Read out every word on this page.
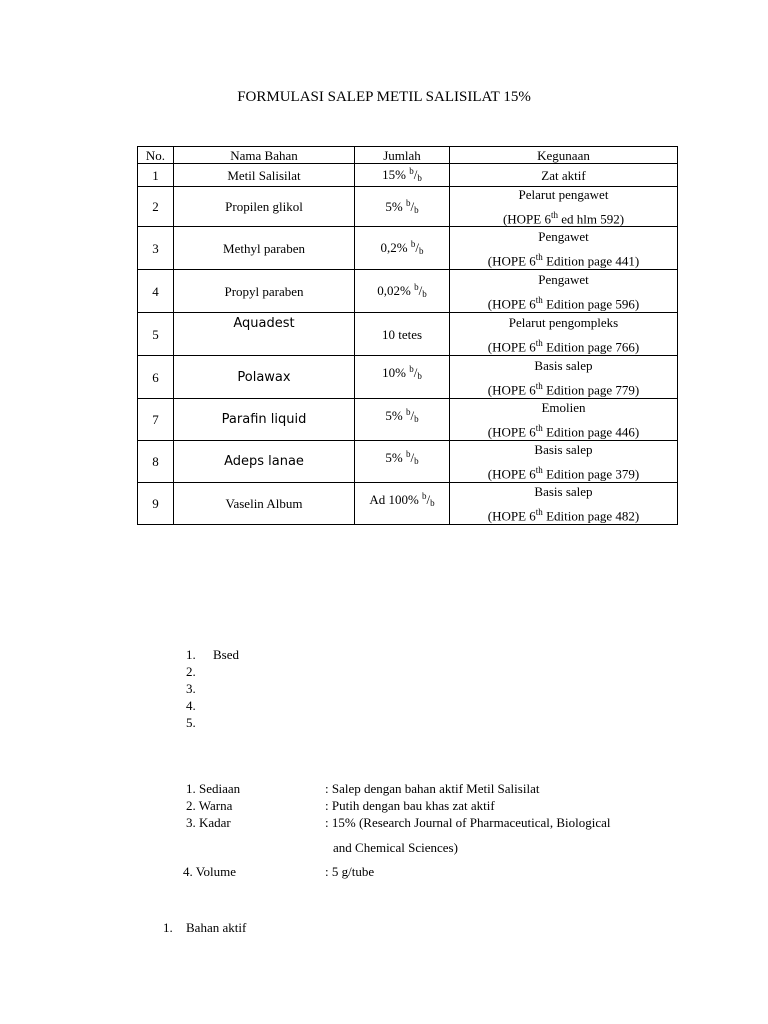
FORMULASI SALEP METIL SALISILAT 15%
No.	Nama Bahan	Jumlah	Kegunaan
1	Metil Salisilat	15% $^b/_b$	Zat aktif

2	Propilen glikol	5% $^b/_b$	Pelarut pengawet
(HOPE 6th ed hlm 592)

3	Methyl paraben	0,2% $^b/_b$	Pengawet
(HOPE 6th Edition page 441)

4	Propyl paraben	0,02% $^b/_b$	Pengawet
(HOPE 6th Edition page 596)

5	Aquadest	10 tetes	Pelarut pengompleks
(HOPE 6th Edition page 766)

6	Polawax	10% $^b/_b$	Basis salep
(HOPE 6th Edition page 779)

7	Parafin liquid	5% $^b/_b$	Emolien
(HOPE 6th Edition page 446)

8	Adeps lanae	5% $^b/_b$	Basis salep
(HOPE 6th Edition page 379)

9	Vaselin Album	Ad 100% $^b/_b$	Basis salep
(HOPE 6th Edition page 482)
1. Bsed
2.
3.
4.
5.
1. Sediaan	: Salep dengan bahan aktif Metil Salisilat
2. Warna	: Putih dengan bau khas zat aktif
3. Kadar	: 15% (Research Journal of Pharmaceutical, Biological
and Chemical Sciences)
4. Volume	: 5 g/tube
1. Bahan aktif
